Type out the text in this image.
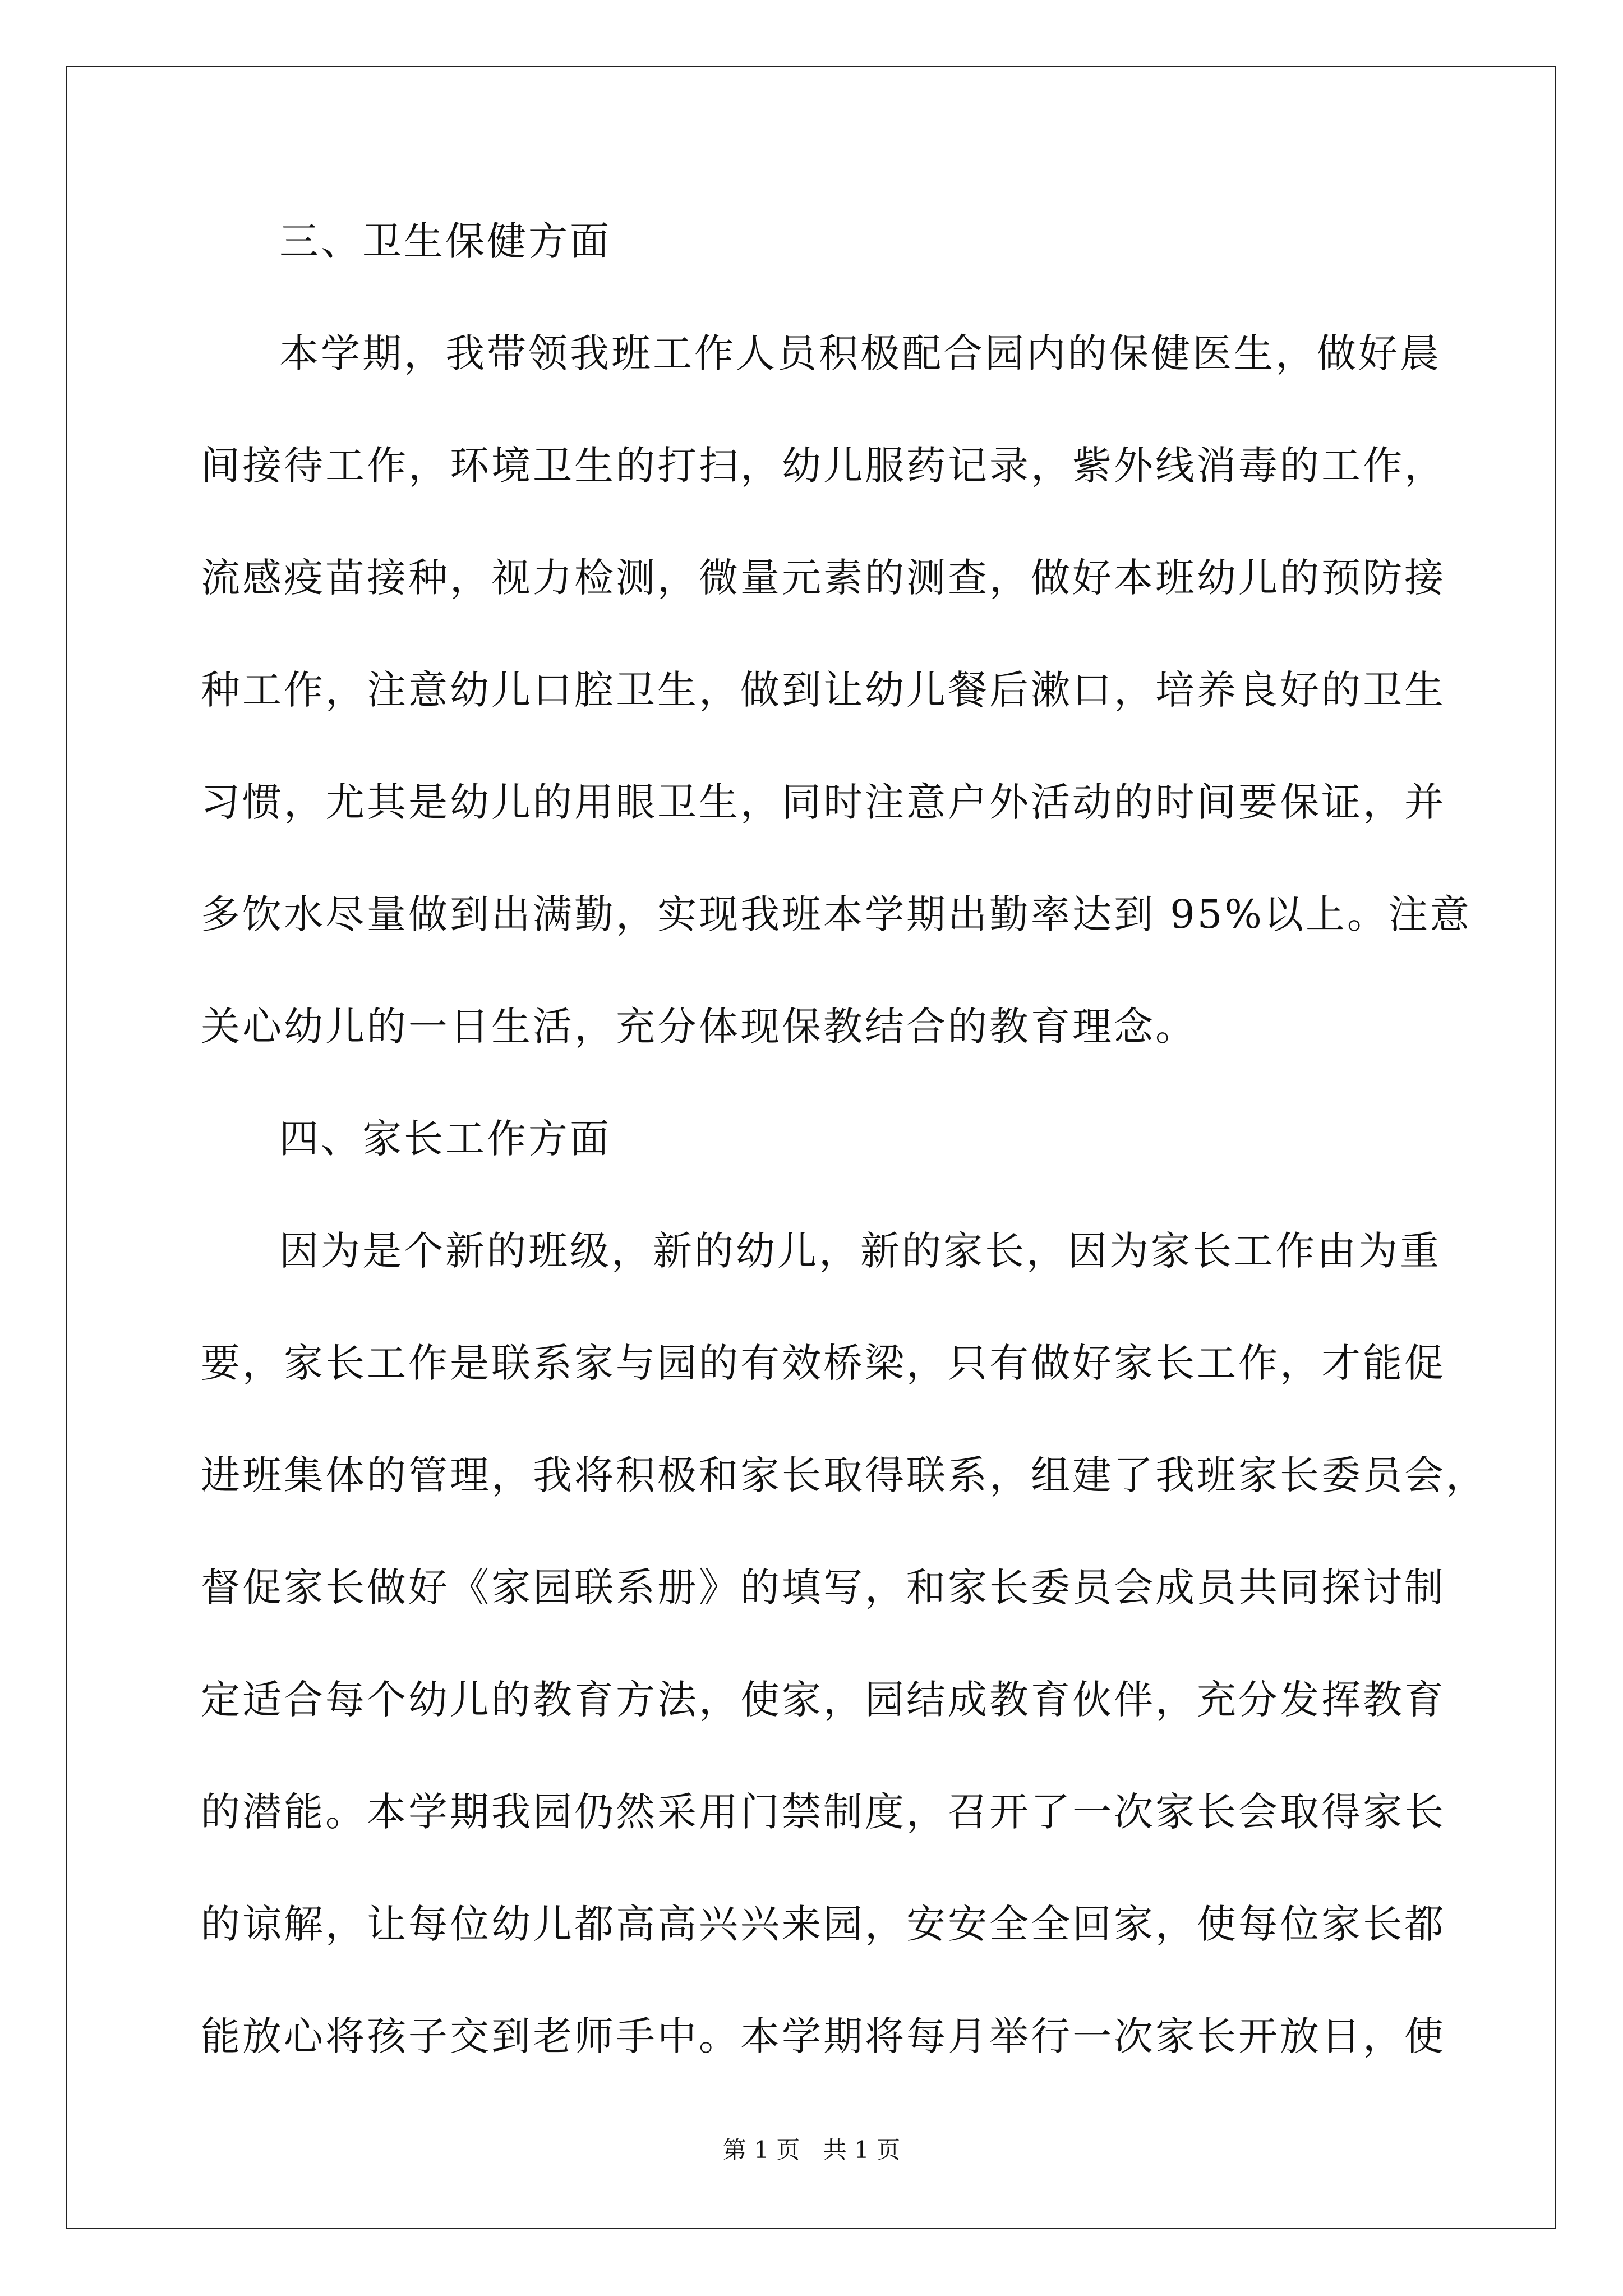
三、卫生保健方面
本学期，我带领我班工作人员积极配合园内的保健医生，做好晨
间接待工作，环境卫生的打扫，幼儿服药记录，紫外线消毒的工作，
流感疫苗接种，视力检测，微量元素的测查，做好本班幼儿的预防接
种工作，注意幼儿口腔卫生，做到让幼儿餐后漱口，培养良好的卫生
习惯，尤其是幼儿的用眼卫生，同时注意户外活动的时间要保证，并
多饮水尽量做到出满勤，实现我班本学期出勤率达到 95%以上。注意
关心幼儿的一日生活，充分体现保教结合的教育理念。
四、家长工作方面
因为是个新的班级，新的幼儿，新的家长，因为家长工作由为重
要，家长工作是联系家与园的有效桥梁，只有做好家长工作，才能促
进班集体的管理，我将积极和家长取得联系，组建了我班家长委员会，
督促家长做好《家园联系册》的填写，和家长委员会成员共同探讨制
定适合每个幼儿的教育方法，使家，园结成教育伙伴，充分发挥教育
的潜能。本学期我园仍然采用门禁制度，召开了一次家长会取得家长
的谅解，让每位幼儿都高高兴兴来园，安安全全回家，使每位家长都
能放心将孩子交到老师手中。本学期将每月举行一次家长开放日，使
第 1 页 共 1 页
